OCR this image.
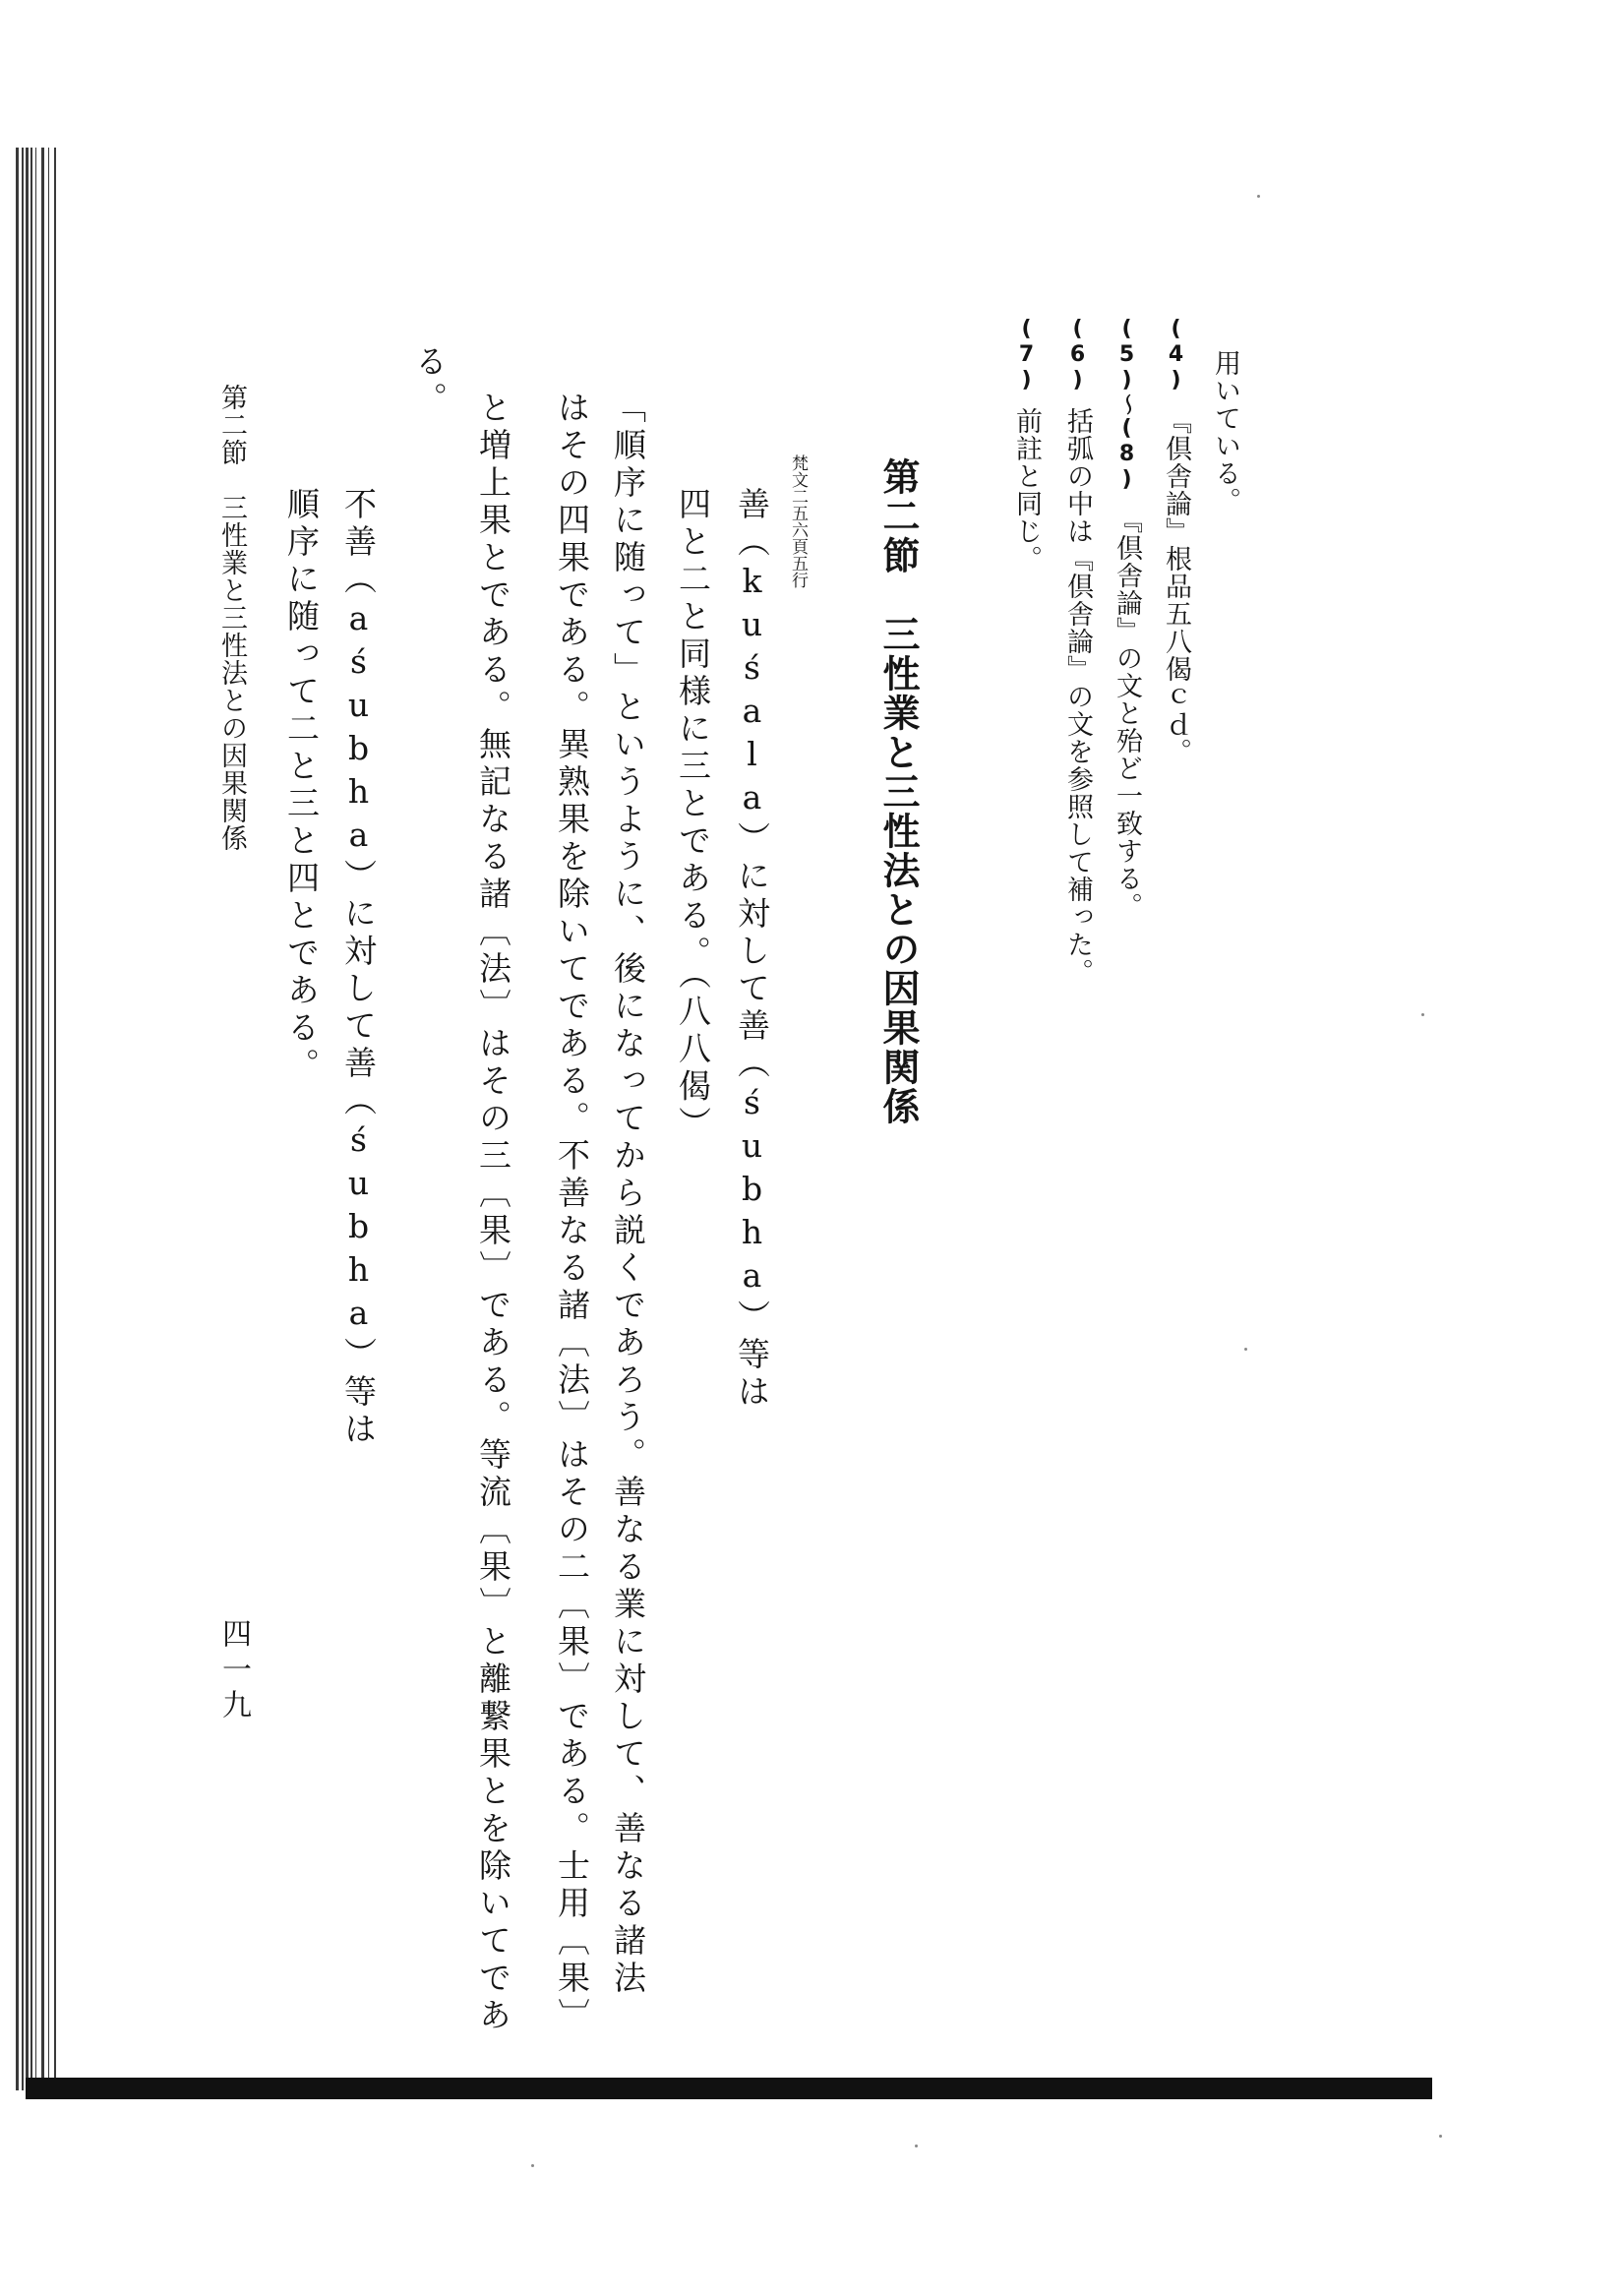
用いている。
(4)『倶舎論』根品五八偈ｃｄ。
(5)〜(8)『倶舎論』の文と殆ど一致する。
(6)括弧の中は『倶舎論』の文を参照して補った。
(7)前註と同じ。
第二節　三性業と三性法との因果関係
梵文二五六頁五行
善（kuśala）に対して善（śubha）等は
四と二と同様に三とである。（八八偈）
「順序に随って」というように、後になってから説くであろう。善なる業に対して、善なる諸法
はその四果である。異熟果を除いてである。不善なる諸〔法〕はその二〔果〕である。士用〔果〕
と増上果とである。無記なる諸〔法〕はその三〔果〕である。等流〔果〕と離繋果とを除いてであ
る。
不善（aśubha）に対して善（śubha）等は
順序に随って二と三と四とである。
第二節　三性業と三性法との因果関係
四一九
